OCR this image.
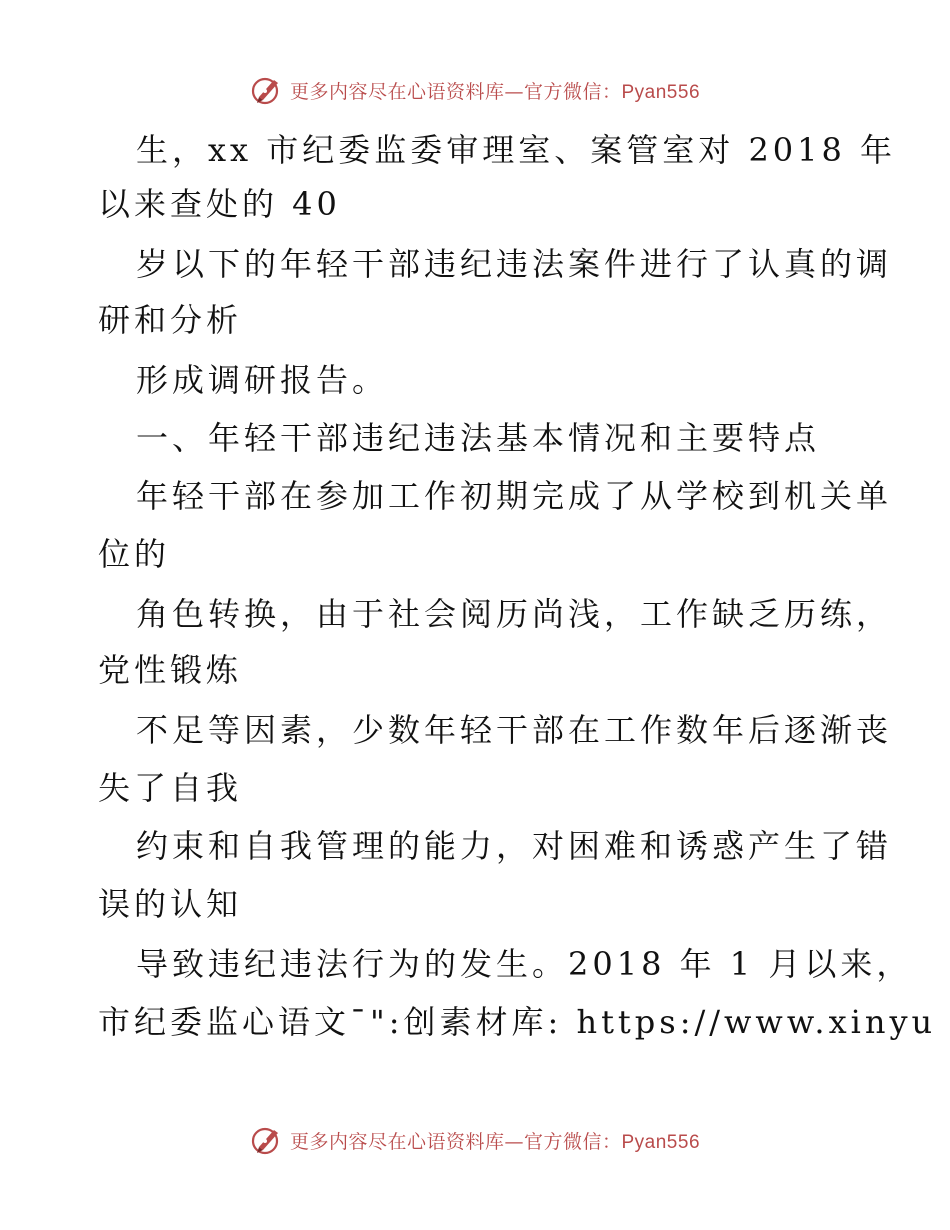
更多内容尽在心语资料库—官方微信：Pyan556
生，xx 市纪委监委审理室、案管室对 2018 年
以来查处的 40
岁以下的年轻干部违纪违法案件进行了认真的调
研和分析
形成调研报告。
一、年轻干部违纪违法基本情况和主要特点
年轻干部在参加工作初期完成了从学校到机关单
位的
角色转换，由于社会阅历尚浅，工作缺乏历练，
党性锻炼
不足等因素，少数年轻干部在工作数年后逐渐丧
失了自我
约束和自我管理的能力，对困难和诱惑产生了错
误的认知
导致违纪违法行为的发生。2018 年 1 月以来，
市纪委监心语文¯":创素材库: https://www.xinyu
更多内容尽在心语资料库—官方微信：Pyan556
